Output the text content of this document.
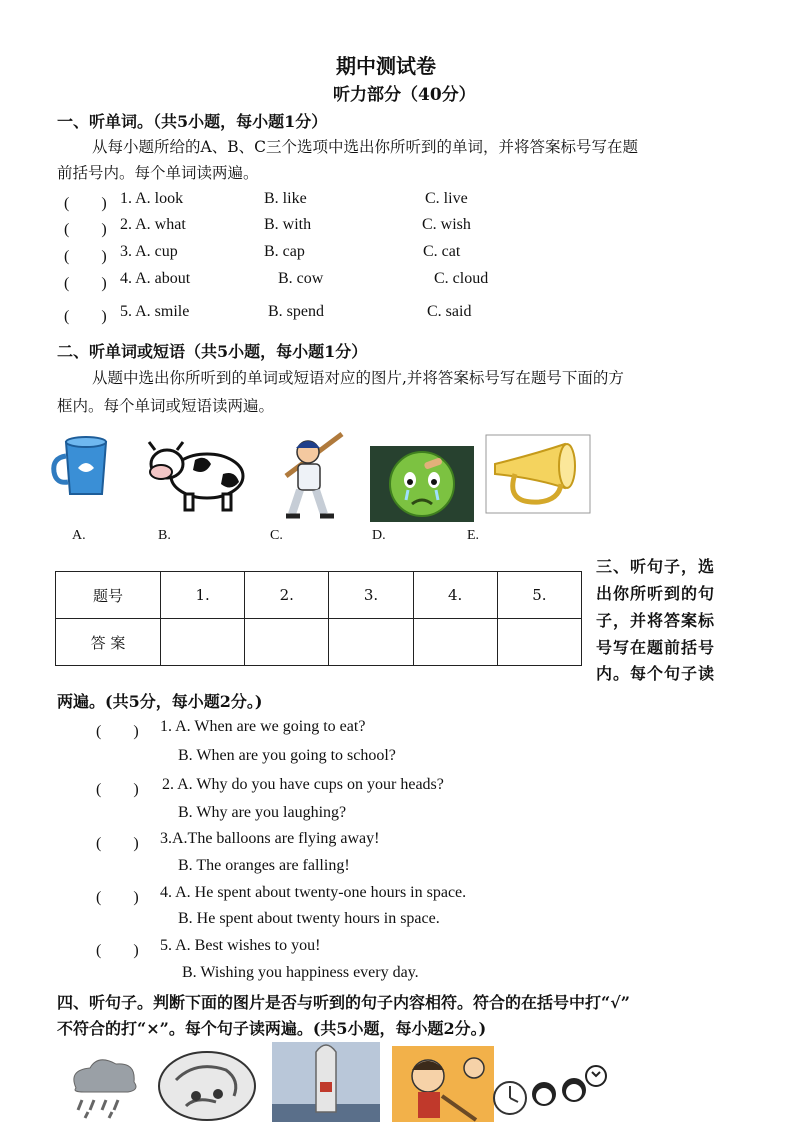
期中测试卷
听力部分（40分）
一、听单词。（共5小题，每小题1分）
从每小题所给的A、B、C三个选项中选出你所听到的单词，并将答案标号写在题
前括号内。每个单词读两遍。
(　　) 1. A. look	B. like	C. live
(　　) 2. A. what	B. with	C. wish
(　　) 3. A. cup	B. cap	C. cat
(　　) 4. A. about	B. cow	C. cloud
(　　) 5. A. smile	B. spend	C. said
二、听单词或短语（共5小题，每小题1分）
从题中选出你所听到的单词或短语对应的图片,并将答案标号写在题号下面的方
框内。每个单词或短语读两遍。
A.	B.	C.	D.	E.
题号	1.	2.	3.	4.	5.
答 案					
三、听句子，选
出你所听到的句
子，并将答案标
号写在题前括号
内。每个句子读
两遍。(共5分，每小题2分。)
(　　) 1. A. When are we going to eat?
B. When are you going to school?
(　　) 2. A. Why do you have cups on your heads?
B. Why are you laughing?
(　　) 3.A.The balloons are flying away!
B. The oranges are falling!
(　　) 4. A. He spent about twenty-one hours in space.
B. He spent about twenty hours in space.
(　　) 5. A. Best wishes to you!
B. Wishing you happiness every day.
四、听句子。判断下面的图片是否与听到的句子内容相符。符合的在括号中打“√”
不符合的打“×”。每个句子读两遍。(共5小题，每小题2分。)
